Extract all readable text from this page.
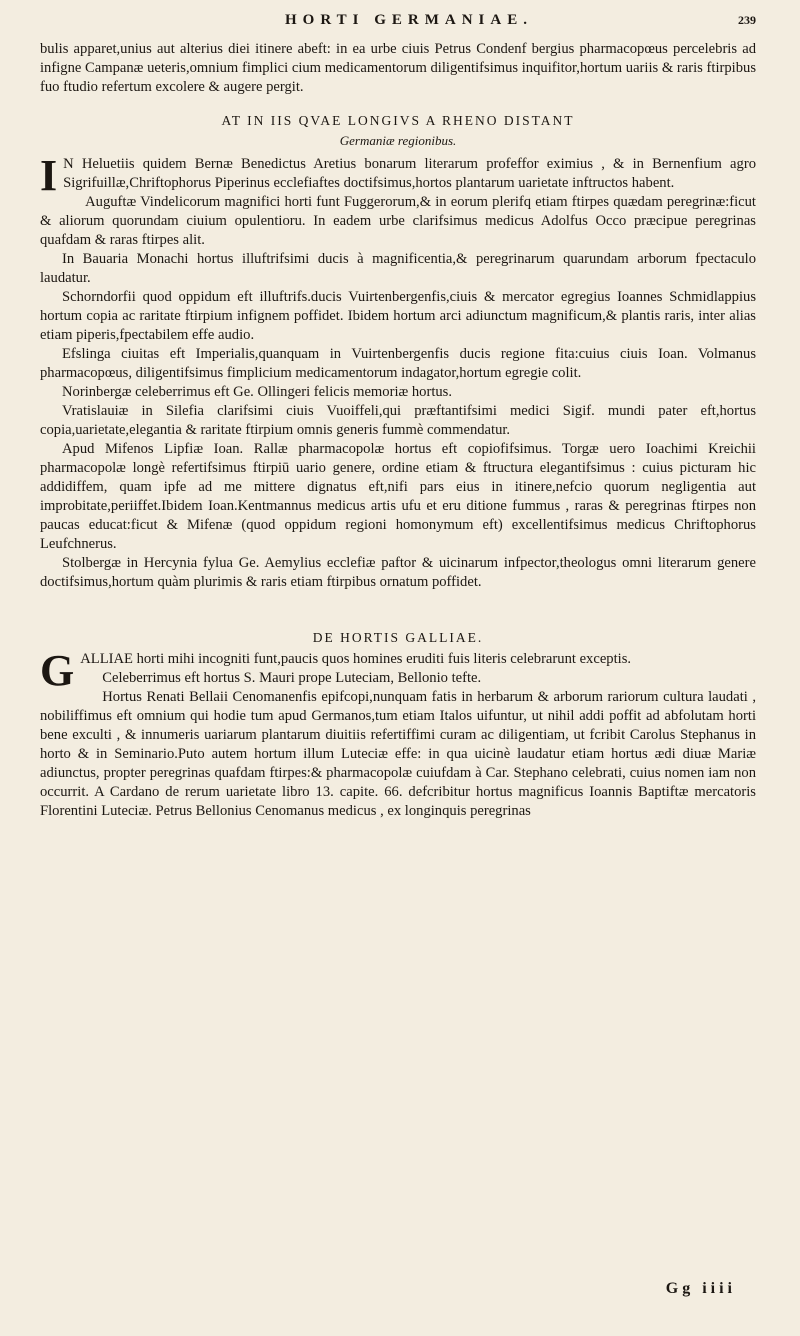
HORTI GERMANIAE.	239

bulis apparet,unius aut alterius diei itinere abeft: in ea urbe ciuis Petrus Condenf bergius pharmacopœus percelebris ad infigne Campanæ ueteris,omnium fimplici cium medicamentorum diligentifsimus inquifitor,hortum uariis & raris ftirpibus fuo ftudio refertum excolere & augere pergit.

AT IN IIS QVAE LONGIVS A RHENO DISTANT
Germaniæ regionibus.

I N Heluetiis quidem Bernæ Benedictus Aretius bonarum literarum profeffor eximius , & in Bernenfium agro Sigrifuillæ,Chriftophorus Piperinus ecclefiaftes doctifsimus,hortos plantarum uarietate inftructos habent.

Auguftæ Vindelicorum magnifici horti funt Fuggerorum,& in eorum plerifq etiam ftirpes quædam peregrinæ:ficut & aliorum quorundam ciuium opulentioru. In eadem urbe clarifsimus medicus Adolfus Occo præcipue peregrinas quafdam & raras ftirpes alit.

In Bauaria Monachi hortus illuftrifsimi ducis à magnificentia,& peregrinarum quarundam arborum fpectaculo laudatur.

Schorndorfii quod oppidum eft illuftrifs.ducis Vuirtenbergenfis,ciuis & mercator egregius Ioannes Schmidlappius hortum copia ac raritate ftirpium infignem poffidet. Ibidem hortum arci adiunctum magnificum,& plantis raris, inter alias etiam piperis,fpectabilem effe audio.

Efslinga ciuitas eft Imperialis,quanquam in Vuirtenbergenfis ducis regione fita:cuius ciuis Ioan. Volmanus pharmacopœus, diligentifsimus fimplicium medicamentorum indagator,hortum egregie colit.

Norinbergæ celeberrimus eft Ge. Ollingeri felicis memoriæ hortus.

Vratislauiæ in Silefia clarifsimi ciuis Vuoiffeli,qui præftantifsimi medici Sigif. mundi pater eft,hortus copia,uarietate,elegantia & raritate ftirpium omnis generis fummè commendatur.

Apud Mifenos Lipfiæ Ioan. Rallæ pharmacopolæ hortus eft copiofifsimus. Torgæ uero Ioachimi Kreichii pharmacopolæ longè refertifsimus ftirpiū uario genere, ordine etiam & ftructura elegantifsimus : cuius picturam hic addidiffem, quam ipfe ad me mittere dignatus eft,nifi pars eius in itinere,nefcio quorum negligentia aut improbitate,periiffet.Ibidem Ioan.Kentmannus medicus artis ufu et eru ditione fummus , raras & peregrinas ftirpes non paucas educat:ficut & Mifenæ (quod oppidum regioni homonymum eft) excellentifsimus medicus Chriftophorus Leufchnerus.

Stolbergæ in Hercynia fylua Ge. Aemylius ecclefiæ paftor & uicinarum infpector,theologus omni literarum genere doctifsimus,hortum quàm plurimis & raris etiam ftirpibus ornatum poffidet.

DE HORTIS GALLIAE.

GALLIAE horti mihi incogniti funt,paucis quos homines eruditi fuis literis celebrarunt exceptis.

Celeberrimus eft hortus S. Mauri prope Luteciam, Bellonio tefte.

Hortus Renati Bellaii Cenomanenfis epifcopi,nunquam fatis in herbarum & arborum rariorum cultura laudati , nobiliffimus eft omnium qui hodie tum apud Germanos,tum etiam Italos uifuntur, ut nihil addi poffit ad abfolutam horti bene exculti , & innumeris uariarum plantarum diuitiis refertiffimi curam ac diligentiam, ut fcribit Carolus Stephanus in horto & in Seminario.Puto autem hortum illum Luteciæ effe: in qua uicinè laudatur etiam hortus ædi diuæ Mariæ adiunctus, propter peregrinas quafdam ftirpes:& pharmacopolæ cuiufdam à Car. Stephano celebrati, cuius nomen iam non occurrit. A Cardano de rerum uarietate libro 13. capite. 66. defcribitur hortus magnificus Ioannis Baptiftæ mercatoris Florentini Luteciæ. Petrus Bellonius Cenomanus medicus , ex longinquis peregrinas

Gg iiii
